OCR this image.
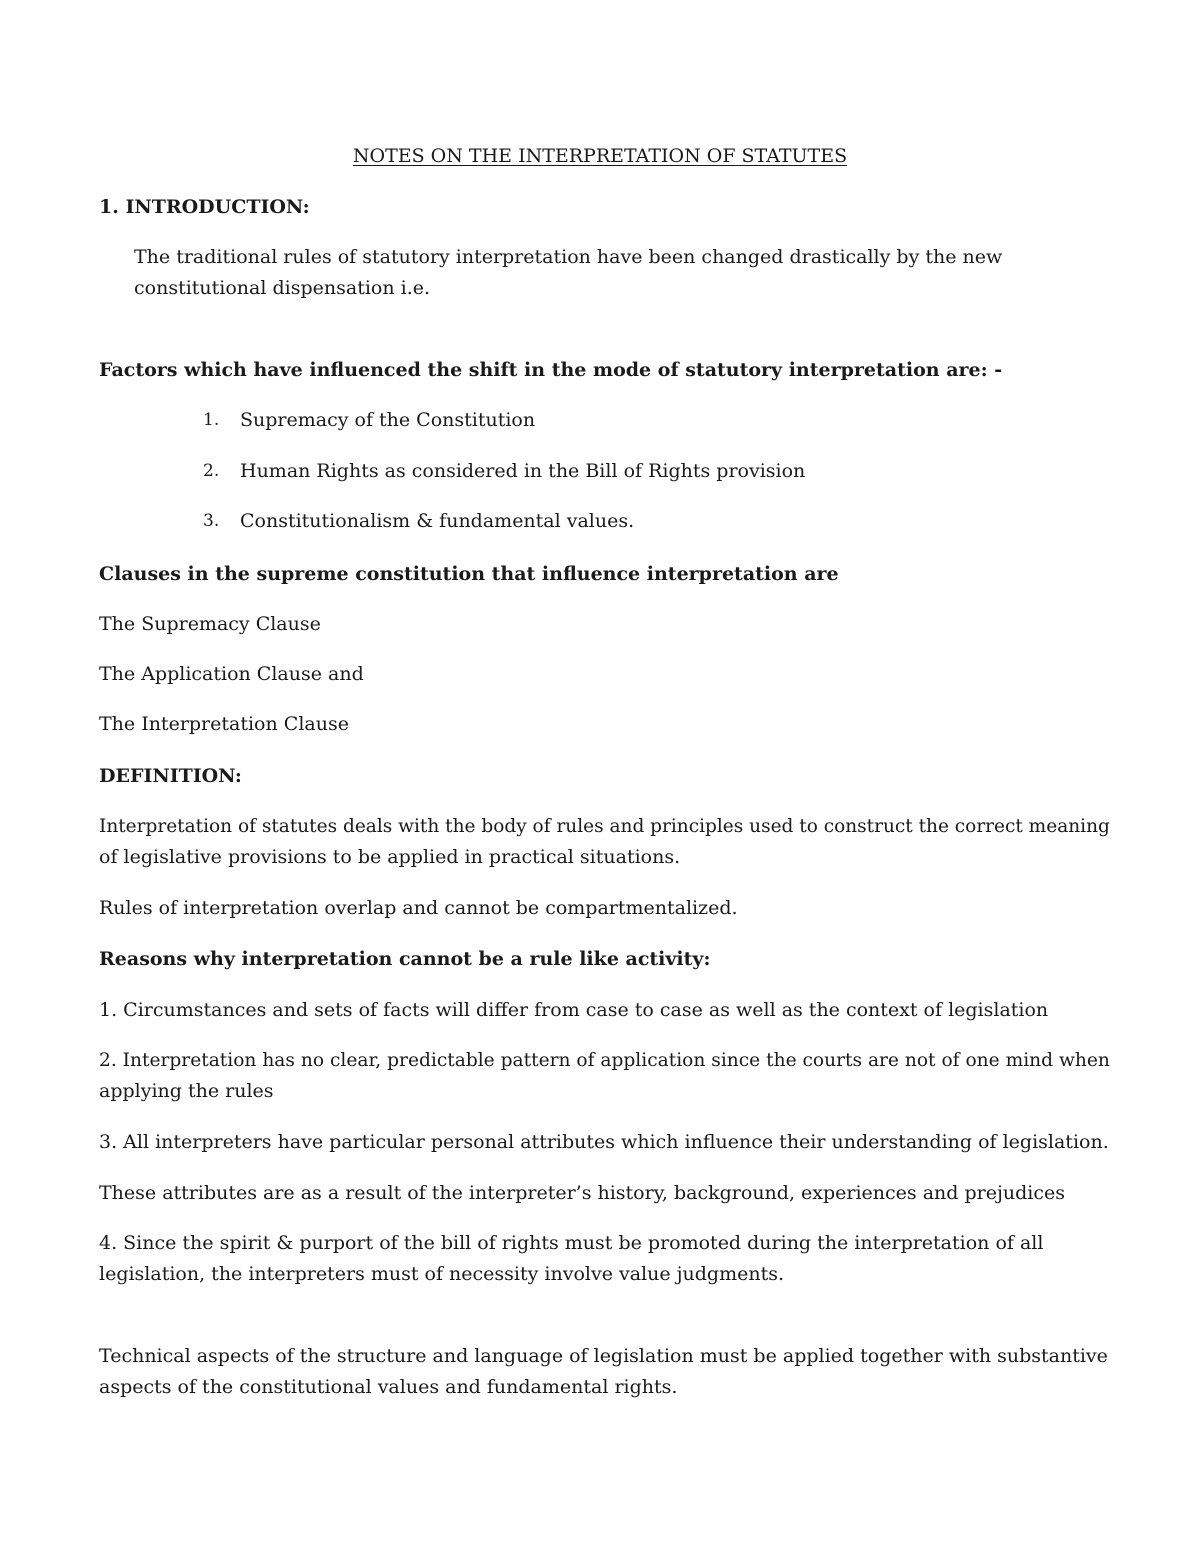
NOTES ON THE INTERPRETATION OF STATUTES

1. INTRODUCTION:

The traditional rules of statutory interpretation have been changed drastically by the new

constitutional dispensation i.e.

Factors which have influenced the shift in the mode of statutory interpretation are: -

1. Supremacy of the Constitution

2. Human Rights as considered in the Bill of Rights provision

3. Constitutionalism & fundamental values.

Clauses in the supreme constitution that influence interpretation are

The Supremacy Clause

The Application Clause and

The Interpretation Clause

DEFINITION:

Interpretation of statutes deals with the body of rules and principles used to construct the correct meaning

of legislative provisions to be applied in practical situations.

Rules of interpretation overlap and cannot be compartmentalized.

Reasons why interpretation cannot be a rule like activity:

1. Circumstances and sets of facts will differ from case to case as well as the context of legislation

2. Interpretation has no clear, predictable pattern of application since the courts are not of one mind when

applying the rules

3. All interpreters have particular personal attributes which influence their understanding of legislation.

These attributes are as a result of the interpreter’s history, background, experiences and prejudices

4. Since the spirit & purport of the bill of rights must be promoted during the interpretation of all

legislation, the interpreters must of necessity involve value judgments.

Technical aspects of the structure and language of legislation must be applied together with substantive

aspects of the constitutional values and fundamental rights.
